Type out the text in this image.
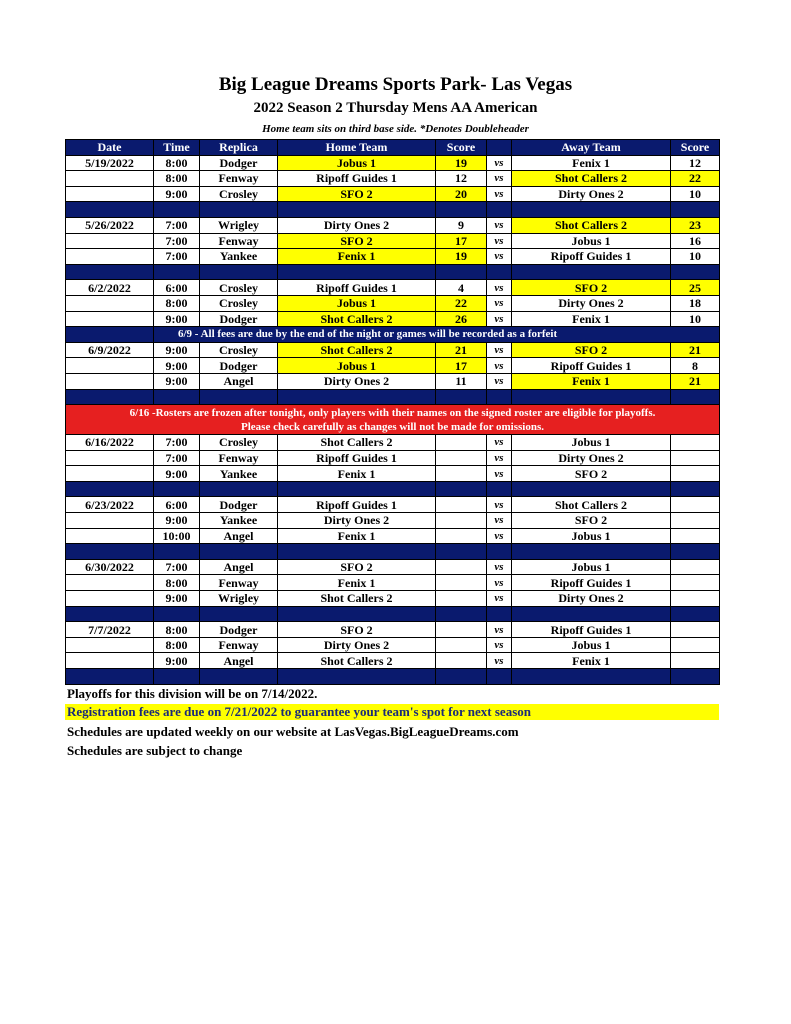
Big League Dreams Sports Park- Las Vegas
2022 Season 2 Thursday Mens AA American
Home team sits on third base side. *Denotes Doubleheader
Date	Time	Replica	Home Team	Score		Away Team	Score
5/19/2022	8:00	Dodger	Jobus 1	19	vs	Fenix 1	12
	8:00	Fenway	Ripoff Guides 1	12	vs	Shot Callers 2	22
	9:00	Crosley	SFO 2	20	vs	Dirty Ones 2	10

5/26/2022	7:00	Wrigley	Dirty Ones 2	9	vs	Shot Callers 2	23
	7:00	Fenway	SFO 2	17	vs	Jobus 1	16
	7:00	Yankee	Fenix 1	19	vs	Ripoff Guides 1	10

6/2/2022	6:00	Crosley	Ripoff Guides 1	4	vs	SFO 2	25
	8:00	Crosley	Jobus 1	22	vs	Dirty Ones 2	18
	9:00	Dodger	Shot Callers 2	26	vs	Fenix 1	10
	6/9 - All fees are due by the end of the night or games will be recorded as a forfeit						
6/9/2022	9:00	Crosley	Shot Callers 2	21	vs	SFO 2	21
	9:00	Dodger	Jobus 1	17	vs	Ripoff Guides 1	8
	9:00	Angel	Dirty Ones 2	11	vs	Fenix 1	21

6/16 -Rosters are frozen after tonight, only players with their names on the signed roster are eligible for playoffs.
Please check carefully as changes will not be made for omissions.							

6/16/2022	7:00	Crosley	Shot Callers 2		vs	Jobus 1	
	7:00	Fenway	Ripoff Guides 1		vs	Dirty Ones 2	
	9:00	Yankee	Fenix 1		vs	SFO 2	

6/23/2022	6:00	Dodger	Ripoff Guides 1		vs	Shot Callers 2	
	9:00	Yankee	Dirty Ones 2		vs	SFO 2	
	10:00	Angel	Fenix 1		vs	Jobus 1	

6/30/2022	7:00	Angel	SFO 2		vs	Jobus 1	
	8:00	Fenway	Fenix 1		vs	Ripoff Guides 1	
	9:00	Wrigley	Shot Callers 2		vs	Dirty Ones 2	

7/7/2022	8:00	Dodger	SFO 2		vs	Ripoff Guides 1	
	8:00	Fenway	Dirty Ones 2		vs	Jobus 1	
	9:00	Angel	Shot Callers 2		vs	Fenix 1	

Playoffs for this division will be on 7/14/2022.
Registration fees are due on 7/21/2022 to guarantee your team's spot for next season
Schedules are updated weekly on our website at LasVegas.BigLeagueDreams.com
Schedules are subject to change
